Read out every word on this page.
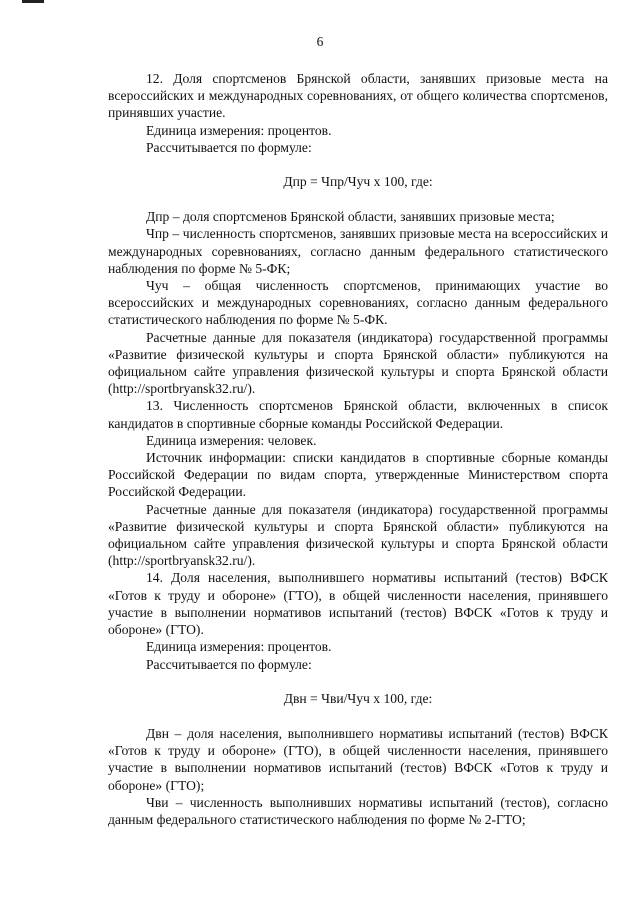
6

12. Доля спортсменов Брянской области, занявших призовые места на всероссийских и международных соревнованиях, от общего количества спортсменов, принявших участие.

Единица измерения: процентов.

Рассчитывается по формуле:

Дпр = Чпр/Чуч х 100, где:

Дпр – доля спортсменов Брянской области, занявших призовые места;

Чпр – численность спортсменов, занявших призовые места на всероссийских и международных соревнованиях, согласно данным федерального статистического наблюдения по форме № 5-ФК;

Чуч – общая численность спортсменов, принимающих участие во всероссийских и международных соревнованиях, согласно данным федерального статистического наблюдения по форме № 5-ФК.

Расчетные данные для показателя (индикатора) государственной программы «Развитие физической культуры и спорта Брянской области» публикуются на официальном сайте управления физической культуры и спорта Брянской области (http://sportbryansk32.ru/).

13. Численность спортсменов Брянской области, включенных в список кандидатов в спортивные сборные команды Российской Федерации.

Единица измерения: человек.

Источник информации: списки кандидатов в спортивные сборные команды Российской Федерации по видам спорта, утвержденные Министерством спорта Российской Федерации.

Расчетные данные для показателя (индикатора) государственной программы «Развитие физической культуры и спорта Брянской области» публикуются на официальном сайте управления физической культуры и спорта Брянской области (http://sportbryansk32.ru/).

14. Доля населения, выполнившего нормативы испытаний (тестов) ВФСК «Готов к труду и обороне» (ГТО), в общей численности населения, принявшего участие в выполнении нормативов испытаний (тестов) ВФСК «Готов к труду и обороне» (ГТО).

Единица измерения: процентов.

Рассчитывается по формуле:

Двн = Чви/Чуч х 100, где:

Двн – доля населения, выполнившего нормативы испытаний (тестов) ВФСК «Готов к труду и обороне» (ГТО), в общей численности населения, принявшего участие в выполнении нормативов испытаний (тестов) ВФСК «Готов к труду и обороне» (ГТО);

Чви – численность выполнивших нормативы испытаний (тестов), согласно данным федерального статистического наблюдения по форме № 2-ГТО;
